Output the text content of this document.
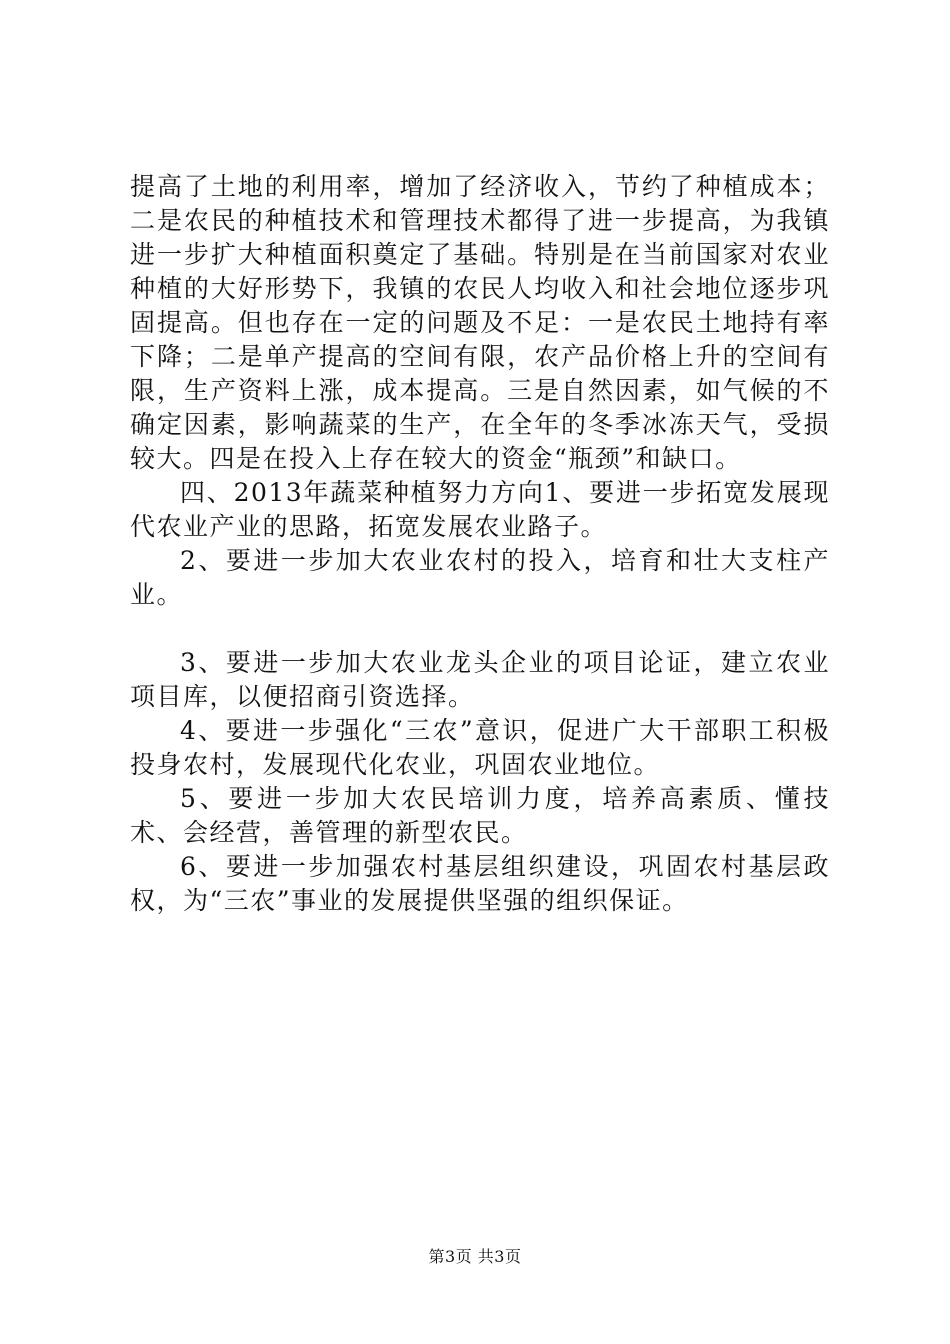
提高了土地的利用率，增加了经济收入，节约了种植成本；二是农民的种植技术和管理技术都得了进一步提高，为我镇进一步扩大种植面积奠定了基础。特别是在当前国家对农业种植的大好形势下，我镇的农民人均收入和社会地位逐步巩固提高。但也存在一定的问题及不足：一是农民土地持有率下降；二是单产提高的空间有限，农产品价格上升的空间有限，生产资料上涨，成本提高。三是自然因素，如气候的不确定因素，影响蔬菜的生产，在全年的冬季冰冻天气，受损较大。四是在投入上存在较大的资金“瓶颈”和缺口。

四、2013年蔬菜种植努力方向1、要进一步拓宽发展现代农业产业的思路，拓宽发展农业路子。

2、要进一步加大农业农村的投入，培育和壮大支柱产业。

3、要进一步加大农业龙头企业的项目论证，建立农业项目库，以便招商引资选择。

4、要进一步强化“三农”意识，促进广大干部职工积极投身农村，发展现代化农业，巩固农业地位。

5、要进一步加大农民培训力度，培养高素质、懂技术、会经营，善管理的新型农民。

6、要进一步加强农村基层组织建设，巩固农村基层政权，为“三农”事业的发展提供坚强的组织保证。

第3页 共3页
